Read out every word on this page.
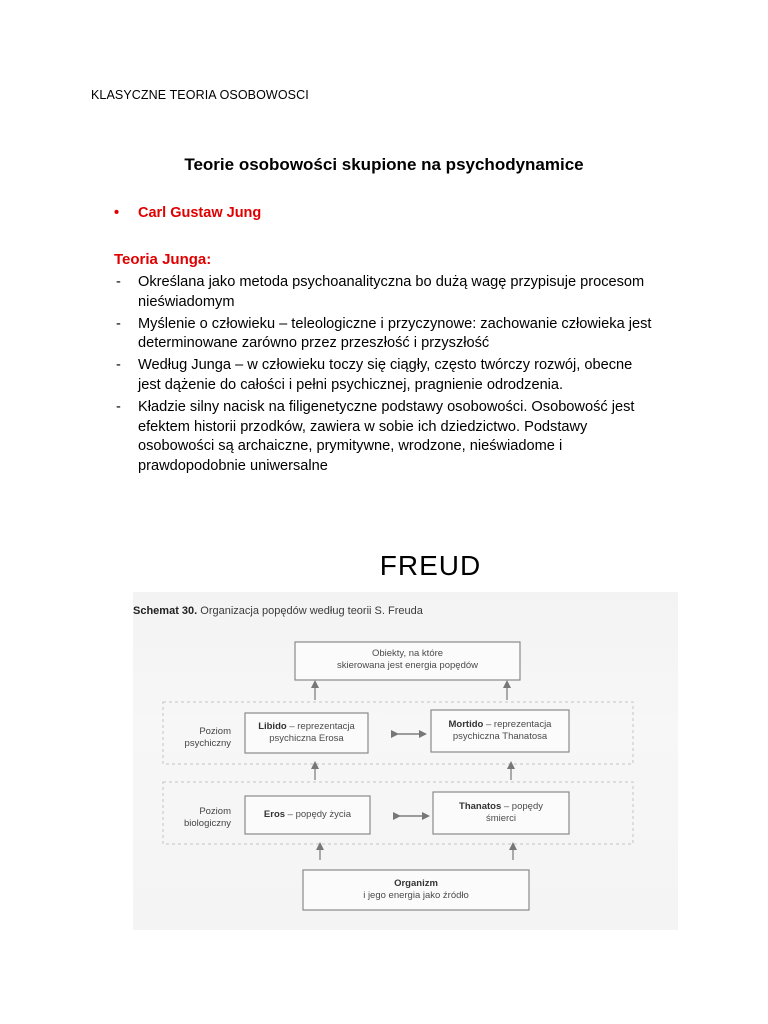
KLASYCZNE TEORIA OSOBOWOSCI
Teorie osobowości skupione na psychodynamice
• Carl Gustaw Jung
Teoria Junga:
- Określana jako metoda psychoanalityczna bo dużą wagę przypisuje procesom nieświadomym
- Myślenie o człowieku – teleologiczne i przyczynowe: zachowanie człowieka jest determinowane zarówno przez przeszłość i przyszłość
- Według Junga – w człowieku toczy się ciągły, często twórczy rozwój, obecne jest dążenie do całości i pełni psychicznej, pragnienie odrodzenia.
- Kładzie silny nacisk na filigenetyczne podstawy osobowości. Osobowość jest efektem historii przodków, zawiera w sobie ich dziedzictwo. Podstawy osobowości są archaiczne, prymitywne, wrodzone, nieświadome i prawdopodobnie uniwersalne
FREUD
Schemat 30. Organizacja popędów według teorii S. Freuda
Obiekty, na które
skierowana jest energia popędów
Poziom
psychiczny
Poziom
biologiczny
Libido – reprezentacja
psychiczna Erosa
Mortido – reprezentacja
psychiczna Thanatosa
Eros – popędy życia
Thanatos – popędy
śmierci
Organizm
i jego energia jako źródło
